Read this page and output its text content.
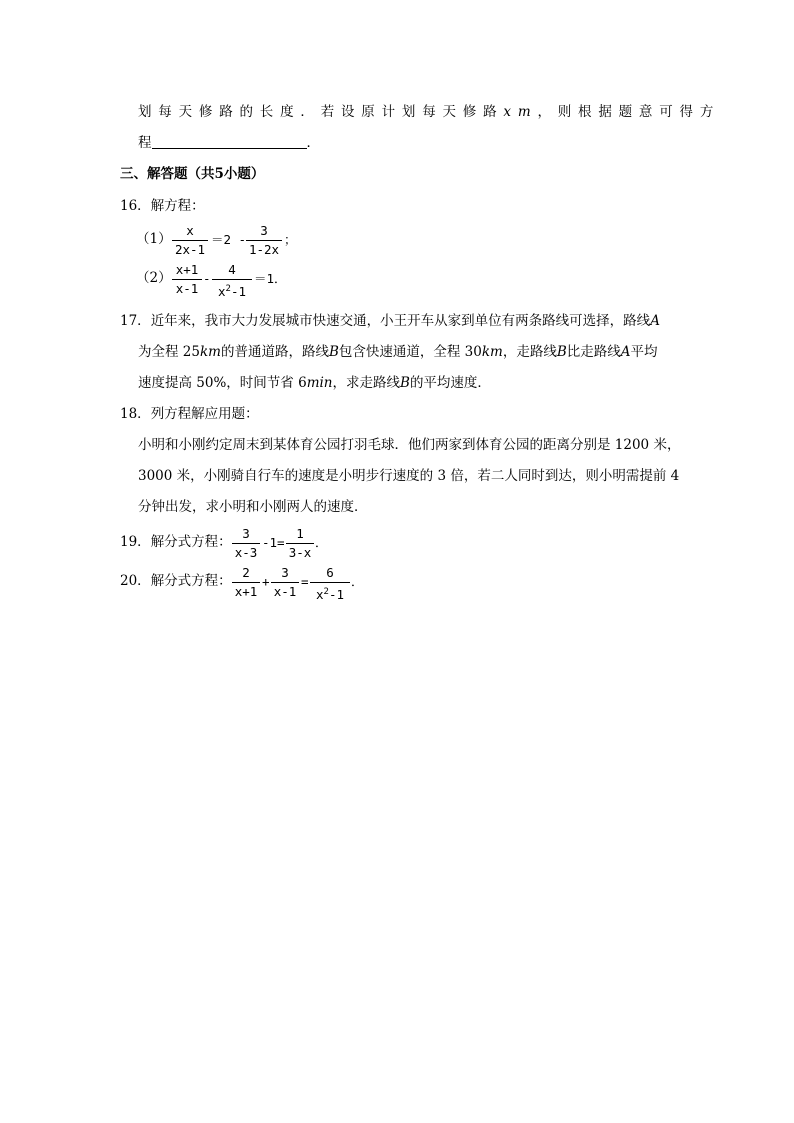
划每天修路的长度．若设原计划每天修路xm，则根据题意可得方
程	．
三、解答题（共5小题）
16．解方程：
（1）
x
2x-1
＝2 -
3
1-2x
；
（2）
x+1
x-1
-
4
$x^2-1$
＝1．
17．近年来，我市大力发展城市快速交通，小王开车从家到单位有两条路线可选择，路线A
为全程 25km的普通道路，路线B包含快速通道，全程 30km，走路线B比走路线A平均
速度提高 50%，时间节省 6min，求走路线B的平均速度．
18．列方程解应用题：
小明和小刚约定周末到某体育公园打羽毛球．他们两家到体育公园的距离分别是 1200 米，
3000 米，小刚骑自行车的速度是小明步行速度的 3 倍，若二人同时到达，则小明需提前 4
分钟出发，求小明和小刚两人的速度．
19．解分式方程：
3
x-3
-1=
1
3-x
．
20．解分式方程：
2
x+1
+
3
x-1
=
6
$x^2-1$
．
